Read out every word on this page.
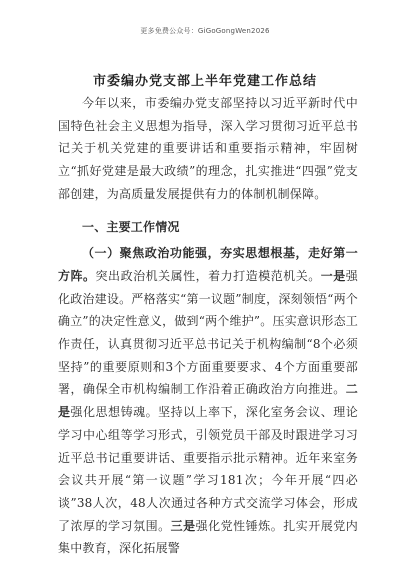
更多免费公众号：GiGoGongWen2026
市委编办党支部上半年党建工作总结

今年以来，市委编办党支部坚持以习近平新时代中国特色社会主义思想为指导，深入学习贯彻习近平总书记关于机关党建的重要讲话和重要指示精神，牢固树立“抓好党建是最大政绩”的理念，扎实推进“四强”党支部创建，为高质量发展提供有力的体制机制保障。

一、主要工作情况

（一）聚焦政治功能强，夯实思想根基，走好第一方阵。突出政治机关属性，着力打造模范机关。一是强化政治建设。严格落实“第一议题”制度，深刻领悟“两个确立”的决定性意义，做到“两个维护”。压实意识形态工作责任，认真贯彻习近平总书记关于机构编制“8个必须坚持”的重要原则和3个方面重要要求、4个方面重要部署，确保全市机构编制工作沿着正确政治方向推进。二是强化思想铸魂。坚持以上率下，深化室务会议、理论学习中心组等学习形式，引领党员干部及时跟进学习习近平总书记重要讲话、重要指示批示精神。近年来室务会议共开展“第一议题”学习181次；今年开展“四必谈”38人次，48人次通过各种方式交流学习体会，形成了浓厚的学习氛围。三是强化党性锤炼。扎实开展党内集中教育，深化拓展警
